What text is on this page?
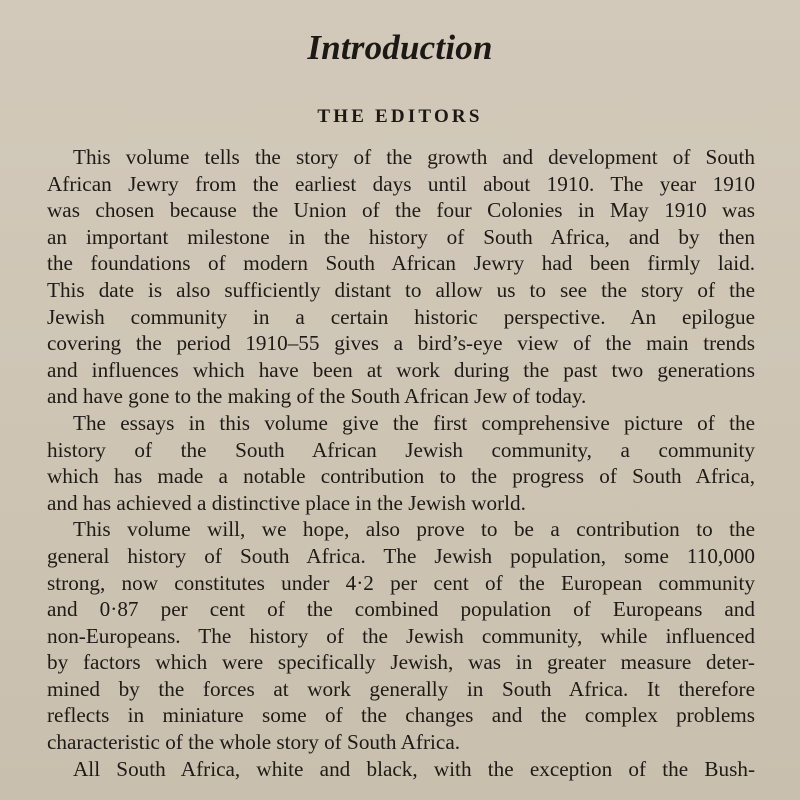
Introduction
THE EDITORS
This volume tells the story of the growth and development of South
African Jewry from the earliest days until about 1910. The year 1910
was chosen because the Union of the four Colonies in May 1910 was
an important milestone in the history of South Africa, and by then
the foundations of modern South African Jewry had been firmly laid.
This date is also sufficiently distant to allow us to see the story of the
Jewish community in a certain historic perspective. An epilogue
covering the period 1910–55 gives a bird’s-eye view of the main trends
and influences which have been at work during the past two generations
and have gone to the making of the South African Jew of today.
The essays in this volume give the first comprehensive picture of the
history of the South African Jewish community, a community
which has made a notable contribution to the progress of South Africa,
and has achieved a distinctive place in the Jewish world.
This volume will, we hope, also prove to be a contribution to the
general history of South Africa. The Jewish population, some 110,000
strong, now constitutes under 4·2 per cent of the European community
and 0·87 per cent of the combined population of Europeans and
non-Europeans. The history of the Jewish community, while influenced
by factors which were specifically Jewish, was in greater measure deter-
mined by the forces at work generally in South Africa. It therefore
reflects in miniature some of the changes and the complex problems
characteristic of the whole story of South Africa.
All South Africa, white and black, with the exception of the Bush-
